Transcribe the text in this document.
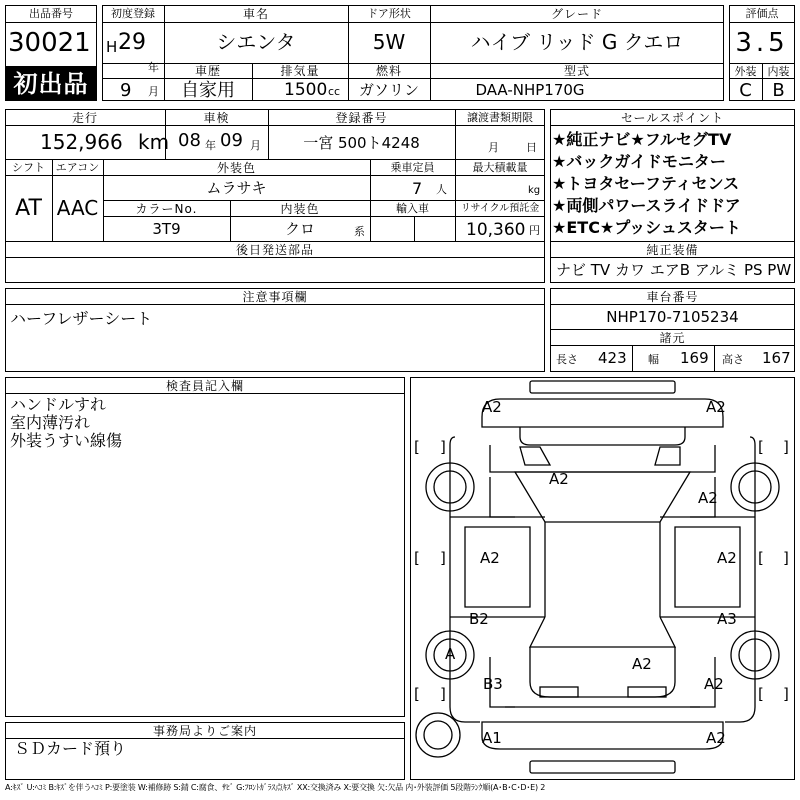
出品番号
30021
初出品
初度登録
H 29
年
9 月
車名
シエンタ
ドア形状
5W
グレード
ハイブ リッド G クエロ
車歴
自家用
排気量
1500 cc
燃料
ガソリン
型式
DAA-NHP170G
評価点
3.5
外装	内装
C	B
走行
152,966 km
車検
08 年 09 月
登録番号
一宮 500ト4248
譲渡書類期限
月 日
シフト
AT
エアコン
AAC
外装色
ムラサキ
乗車定員
7 人
最大積載量
kg
カラーNo.
3T9
内装色
クロ	系
輸入車	リサイクル預託金
10,360 円
後日発送部品
セールスポイント
★純正ナビ★フルセグTV
★バックガイドモニター
★トヨタセーフティセンス
★両側パワースライドドア
★ETC★プッシュスタート
純正装備
ナビ TV カワ エアB アルミ PS PW
注意事項欄
ハーフレザーシート
車台番号
NHP170-7105234
諸元
長さ 423 幅 169 高さ 167
検査員記入欄
ハンドルすれ
室内薄汚れ
外装うすい線傷
事務局よりご案内
ＳＤカード預り
A2	A2
A2
A2
A2	A2
B2	A3
A
A2
B3	A2
A1	A2
[ ]	[ ]
[ ]	[ ]
[ ]	[ ]
A:ｷｽﾞ U:ﾍｺﾐ B:ｷｽﾞを伴うﾍｺﾐ P:要塗装 W:補修跡 S:錆 C:腐食、ｻﾋﾞ G:ﾌﾛﾝﾄｶﾞﾗｽ点ｷｽﾞ XX:交換済み X:要交換 欠:欠品 内･外装評価 5段階ﾗﾝｸ順(A･B･C･D･E) 2
